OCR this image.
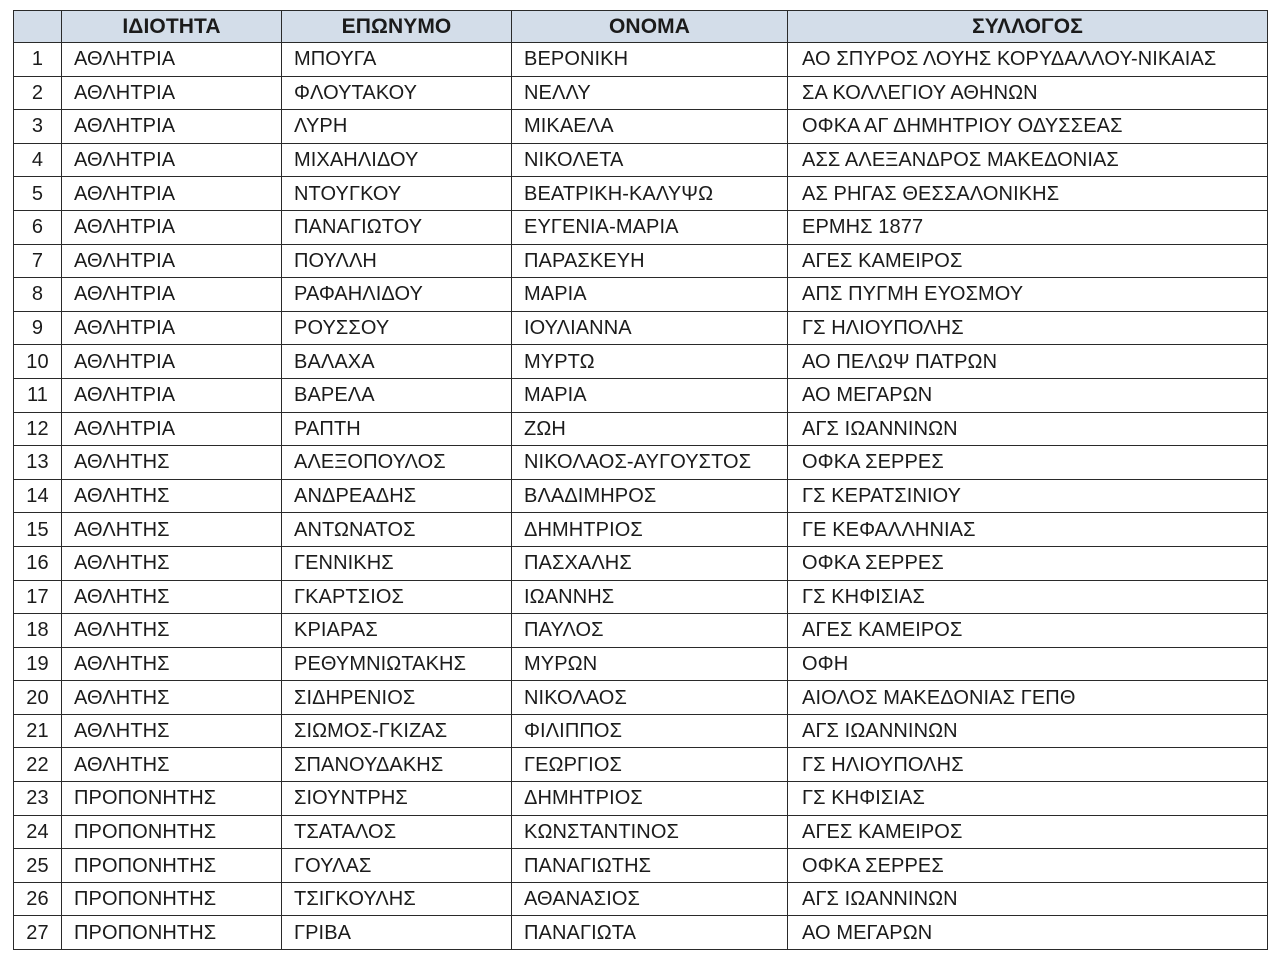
	ΙΔΙΟΤΗΤΑ	ΕΠΩΝΥΜΟ	ΟΝΟΜΑ	ΣΥΛΛΟΓΟΣ
1	ΑΘΛΗΤΡΙΑ	ΜΠΟΥΓΑ	ΒΕΡΟΝΙΚΗ	ΑΟ ΣΠΥΡΟΣ ΛΟΥΗΣ ΚΟΡΥΔΑΛΛΟΥ-ΝΙΚΑΙΑΣ
2	ΑΘΛΗΤΡΙΑ	ΦΛΟΥΤΑΚΟΥ	ΝΕΛΛΥ	ΣΑ ΚΟΛΛΕΓΙΟΥ ΑΘΗΝΩΝ
3	ΑΘΛΗΤΡΙΑ	ΛΥΡΗ	ΜΙΚΑΕΛΑ	ΟΦΚΑ ΑΓ ΔΗΜΗΤΡΙΟΥ ΟΔΥΣΣΕΑΣ
4	ΑΘΛΗΤΡΙΑ	ΜΙΧΑΗΛΙΔΟΥ	ΝΙΚΟΛΕΤΑ	ΑΣΣ ΑΛΕΞΑΝΔΡΟΣ ΜΑΚΕΔΟΝΙΑΣ
5	ΑΘΛΗΤΡΙΑ	ΝΤΟΥΓΚΟΥ	ΒΕΑΤΡΙΚΗ-ΚΑΛΥΨΩ	ΑΣ ΡΗΓΑΣ ΘΕΣΣΑΛΟΝΙΚΗΣ
6	ΑΘΛΗΤΡΙΑ	ΠΑΝΑΓΙΩΤΟΥ	ΕΥΓΕΝΙΑ-ΜΑΡΙΑ	ΕΡΜΗΣ 1877
7	ΑΘΛΗΤΡΙΑ	ΠΟΥΛΛΗ	ΠΑΡΑΣΚΕΥΗ	ΑΓΕΣ ΚΑΜΕΙΡΟΣ
8	ΑΘΛΗΤΡΙΑ	ΡΑΦΑΗΛΙΔΟΥ	ΜΑΡΙΑ	ΑΠΣ ΠΥΓΜΗ ΕΥΟΣΜΟΥ
9	ΑΘΛΗΤΡΙΑ	ΡΟΥΣΣΟΥ	ΙΟΥΛΙΑΝΝΑ	ΓΣ ΗΛΙΟΥΠΟΛΗΣ
10	ΑΘΛΗΤΡΙΑ	ΒΑΛΑΧΑ	ΜΥΡΤΩ	ΑΟ ΠΕΛΩΨ ΠΑΤΡΩΝ
11	ΑΘΛΗΤΡΙΑ	ΒΑΡΕΛΑ	ΜΑΡΙΑ	ΑΟ ΜΕΓΑΡΩΝ
12	ΑΘΛΗΤΡΙΑ	ΡΑΠΤΗ	ΖΩΗ	ΑΓΣ ΙΩΑΝΝΙΝΩΝ
13	ΑΘΛΗΤΗΣ	ΑΛΕΞΟΠΟΥΛΟΣ	ΝΙΚΟΛΑΟΣ-ΑΥΓΟΥΣΤΟΣ	ΟΦΚΑ ΣΕΡΡΕΣ
14	ΑΘΛΗΤΗΣ	ΑΝΔΡΕΑΔΗΣ	ΒΛΑΔΙΜΗΡΟΣ	ΓΣ ΚΕΡΑΤΣΙΝΙΟΥ
15	ΑΘΛΗΤΗΣ	ΑΝΤΩΝΑΤΟΣ	ΔΗΜΗΤΡΙΟΣ	ΓΕ ΚΕΦΑΛΛΗΝΙΑΣ
16	ΑΘΛΗΤΗΣ	ΓΕΝΝΙΚΗΣ	ΠΑΣΧΑΛΗΣ	ΟΦΚΑ ΣΕΡΡΕΣ
17	ΑΘΛΗΤΗΣ	ΓΚΑΡΤΣΙΟΣ	ΙΩΑΝΝΗΣ	ΓΣ ΚΗΦΙΣΙΑΣ
18	ΑΘΛΗΤΗΣ	ΚΡΙΑΡΑΣ	ΠΑΥΛΟΣ	ΑΓΕΣ ΚΑΜΕΙΡΟΣ
19	ΑΘΛΗΤΗΣ	ΡΕΘΥΜΝΙΩΤΑΚΗΣ	ΜΥΡΩΝ	ΟΦΗ
20	ΑΘΛΗΤΗΣ	ΣΙΔΗΡΕΝΙΟΣ	ΝΙΚΟΛΑΟΣ	ΑΙΟΛΟΣ ΜΑΚΕΔΟΝΙΑΣ ΓΕΠΘ
21	ΑΘΛΗΤΗΣ	ΣΙΩΜΟΣ-ΓΚΙΖΑΣ	ΦΙΛΙΠΠΟΣ	ΑΓΣ ΙΩΑΝΝΙΝΩΝ
22	ΑΘΛΗΤΗΣ	ΣΠΑΝΟΥΔΑΚΗΣ	ΓΕΩΡΓΙΟΣ	ΓΣ ΗΛΙΟΥΠΟΛΗΣ
23	ΠΡΟΠΟΝΗΤΗΣ	ΣΙΟΥΝΤΡΗΣ	ΔΗΜΗΤΡΙΟΣ	ΓΣ ΚΗΦΙΣΙΑΣ
24	ΠΡΟΠΟΝΗΤΗΣ	ΤΣΑΤΑΛΟΣ	ΚΩΝΣΤΑΝΤΙΝΟΣ	ΑΓΕΣ ΚΑΜΕΙΡΟΣ
25	ΠΡΟΠΟΝΗΤΗΣ	ΓΟΥΛΑΣ	ΠΑΝΑΓΙΩΤΗΣ	ΟΦΚΑ ΣΕΡΡΕΣ
26	ΠΡΟΠΟΝΗΤΗΣ	ΤΣΙΓΚΟΥΛΗΣ	ΑΘΑΝΑΣΙΟΣ	ΑΓΣ ΙΩΑΝΝΙΝΩΝ
27	ΠΡΟΠΟΝΗΤΗΣ	ΓΡΙΒΑ	ΠΑΝΑΓΙΩΤΑ	ΑΟ ΜΕΓΑΡΩΝ
